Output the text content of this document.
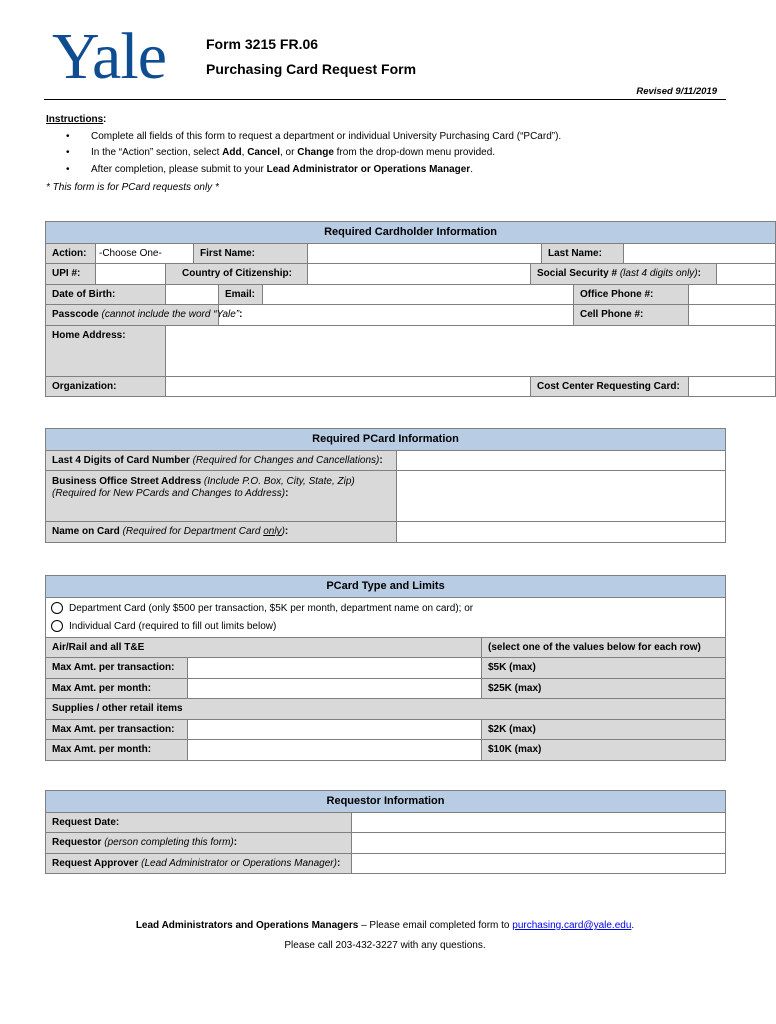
Yale	Form 3215 FR.06
Purchasing Card Request Form
Revised 9/11/2019
Instructions :
•	Complete all fields of this form to request a department or individual University Purchasing Card (“PCard”).
•	In the “Action” section, select Add, Cancel, or Change from the drop-down menu provided.
•	After completion, please submit to your Lead Administrator or Operations Manager.
* This form is for PCard requests only *
Required Cardholder Information												
Action:	-Choose One-		First Name:					Last Name:				
UPI #:		Country of Citizenship:					Social Security # (last 4 digits only):					
Date of Birth:				Email:					Office Phone #:			
Passcode (cannot include the word “Yale”:									Cell Phone #:			
Home Address:												
Organization:							Cost Center Requesting Card:					
Required PCard Information	
Last 4 Digits of Card Number (Required for Changes and Cancellations):	
Business Office Street Address (Include P.O. Box, City, State, Zip)
(Required for New PCards and Changes to Address):	
Name on Card (Required for Department Card only):	
PCard Type and Limits		

Department Card (only $500 per transaction, $5K per month, department name on card); or
Individual Card (required to fill out limits below)		

Air/Rail and all T&E		(select one of the values below for each row)
Max Amt. per transaction:		$5K (max)
Max Amt. per month:		$25K (max)
Supplies / other retail items		
Max Amt. per transaction:		$2K (max)
Max Amt. per month:		$10K (max)
Requestor Information	
Request Date:	
Requestor (person completing this form):	
Request Approver (Lead Administrator or Operations Manager):	
Lead Administrators and Operations Managers – Please email completed form to purchasing.card@yale.edu.
Please call 203-432-3227 with any questions.
